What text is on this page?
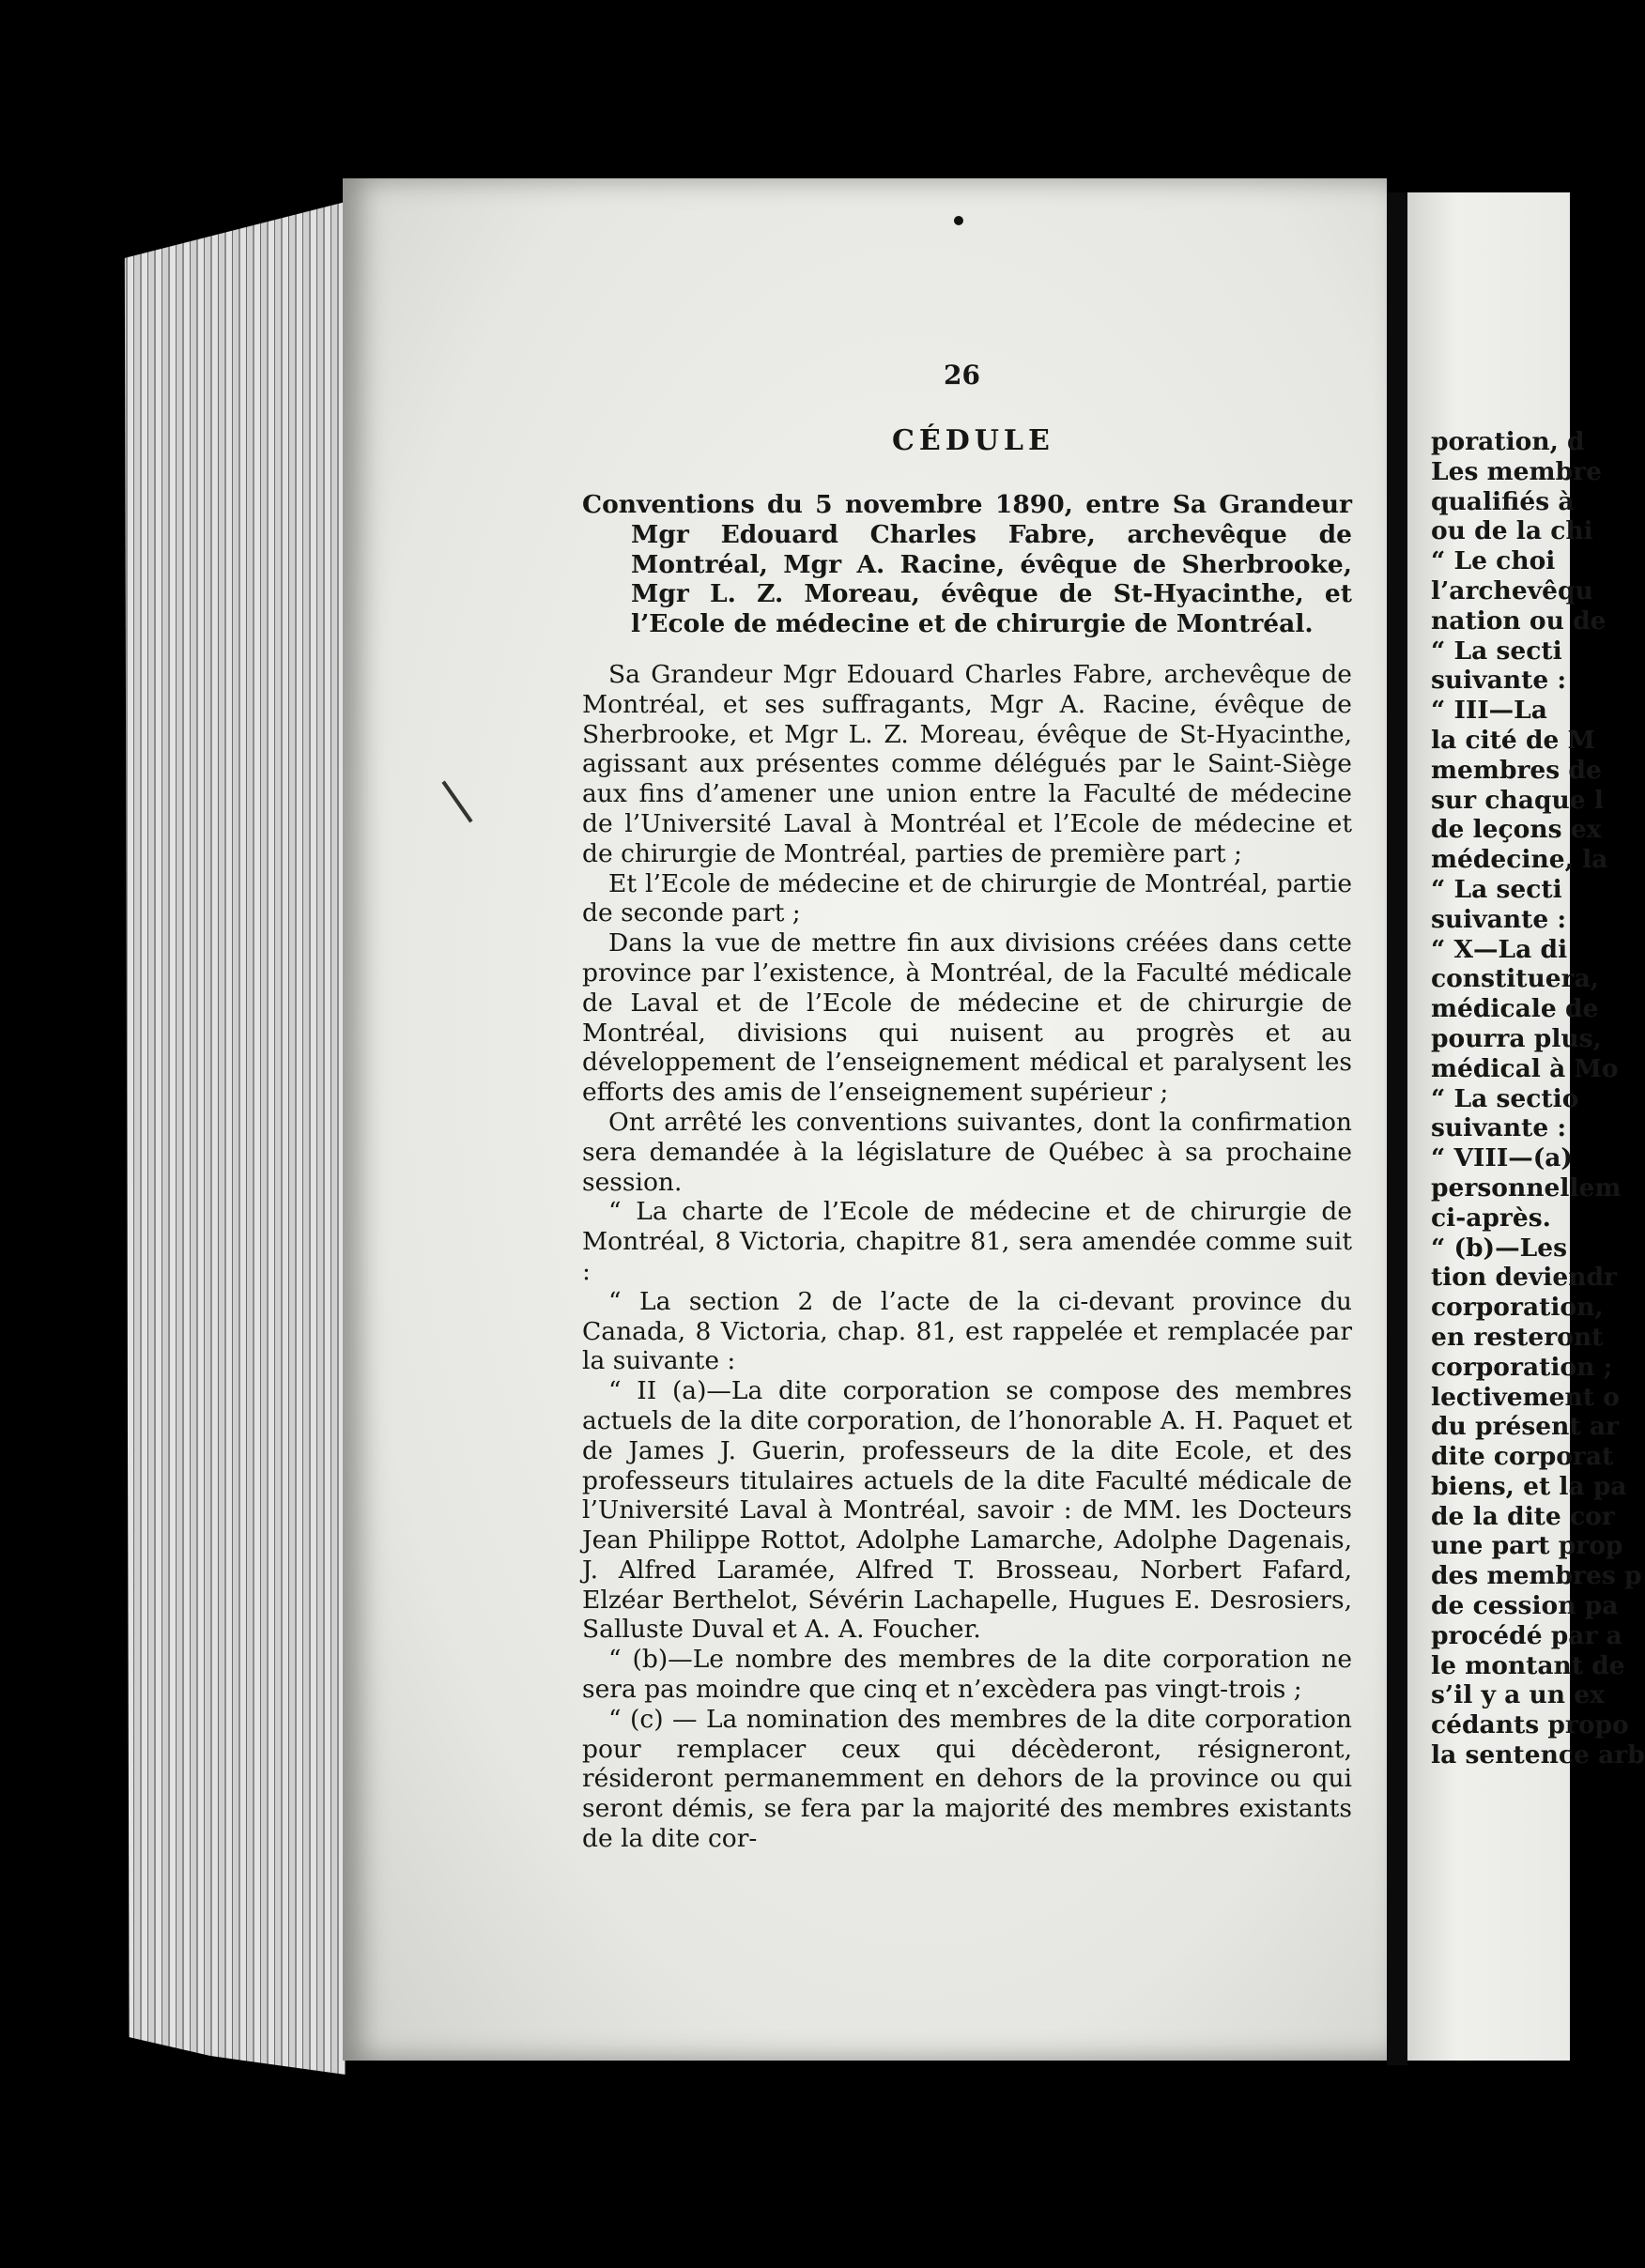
26
CÉDULE

Conventions du 5 novembre 1890, entre Sa Grandeur Mgr Edouard Charles Fabre, archevêque de Montréal, Mgr A. Racine, évêque de Sherbrooke, Mgr L. Z. Moreau, évêque de St-Hyacinthe, et l’Ecole de médecine et de chirurgie de Montréal.

Sa Grandeur Mgr Edouard Charles Fabre, archevêque de Montréal, et ses suffragants, Mgr A. Racine, évêque de Sherbrooke, et Mgr L. Z. Moreau, évêque de St-Hyacinthe, agissant aux présentes comme délégués par le Saint-Siège aux fins d’amener une union entre la Faculté de médecine de l’Université Laval à Montréal et l’Ecole de médecine et de chirurgie de Montréal, parties de première part ;

Et l’Ecole de médecine et de chirurgie de Montréal, partie de seconde part ;

Dans la vue de mettre fin aux divisions créées dans cette province par l’existence, à Montréal, de la Faculté médicale de Laval et de l’Ecole de médecine et de chirurgie de Montréal, divisions qui nuisent au progrès et au développement de l’enseignement médical et paralysent les efforts des amis de l’enseignement supérieur ;

Ont arrêté les conventions suivantes, dont la confirmation sera demandée à la législature de Québec à sa prochaine session.

“ La charte de l’Ecole de médecine et de chirurgie de Montréal, 8 Victoria, chapitre 81, sera amendée comme suit :

“ La section 2 de l’acte de la ci-devant province du Canada, 8 Victoria, chap. 81, est rappelée et remplacée par la suivante :

“ II (a)—La dite corporation se compose des membres actuels de la dite corporation, de l’honorable A. H. Paquet et de James J. Guerin, professeurs de la dite Ecole, et des professeurs titulaires actuels de la dite Faculté médicale de l’Université Laval à Montréal, savoir : de MM. les Docteurs Jean Philippe Rottot, Adolphe Lamarche, Adolphe Dagenais, J. Alfred Laramée, Alfred T. Brosseau, Norbert Fafard, Elzéar Berthelot, Sévérin Lachapelle, Hugues E. Desrosiers, Salluste Duval et A. A. Foucher.

“ (b)—Le nombre des membres de la dite corporation ne sera pas moindre que cinq et n’excèdera pas vingt-trois ;

“ (c) — La nomination des membres de la dite corporation pour remplacer ceux qui décèderont, résigneront, résideront permanemment en dehors de la province ou qui seront démis, se fera par la majorité des membres existants de la dite cor-

poration, d
Les membre
qualifiés à
ou de la chi
“ Le choi
l’archevêqu
nation ou de
“ La secti
suivante :
“ III—La
la cité de M
membres de
sur chaque l
de leçons ex
médecine, la
“ La secti
suivante :
“ X—La di
constituera,
médicale de
pourra plus,
médical à Mo
“ La sectio
suivante :
“ VIII—(a)
personnellem
ci-après.
“ (b)—Les
tion deviendr
corporation,
en resteront
corporation ;
lectivement o
du présent ar
dite corporat
biens, et la pa
de la dite cor
une part prop
des membres p
de cession pa
procédé par a
le montant de
s’il y a un ex
cédants propo
la sentence arb
